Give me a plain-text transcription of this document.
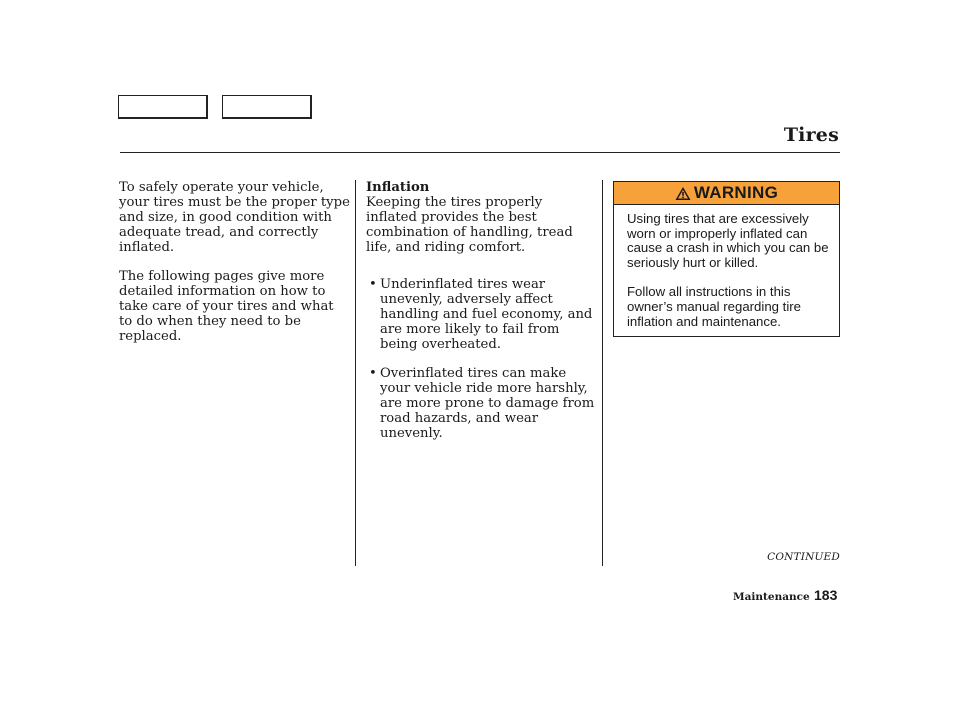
Tires

To safely operate your vehicle, your tires must be the proper type and size, in good condition with adequate tread, and correctly inflated.

The following pages give more detailed information on how to take care of your tires and what to do when they need to be replaced.

Inflation

Keeping the tires properly inflated provides the best combination of handling, tread life, and riding comfort.

• Underinflated tires wear unevenly, adversely affect handling and fuel economy, and are more likely to fail from being overheated.
• Overinflated tires can make your vehicle ride more harshly, are more prone to damage from road hazards, and wear unevenly.
WARNING

Using tires that are excessively worn or improperly inflated can cause a crash in which you can be seriously hurt or killed.

Follow all instructions in this owner’s manual regarding tire inflation and maintenance.

CONTINUED
Maintenance 183
